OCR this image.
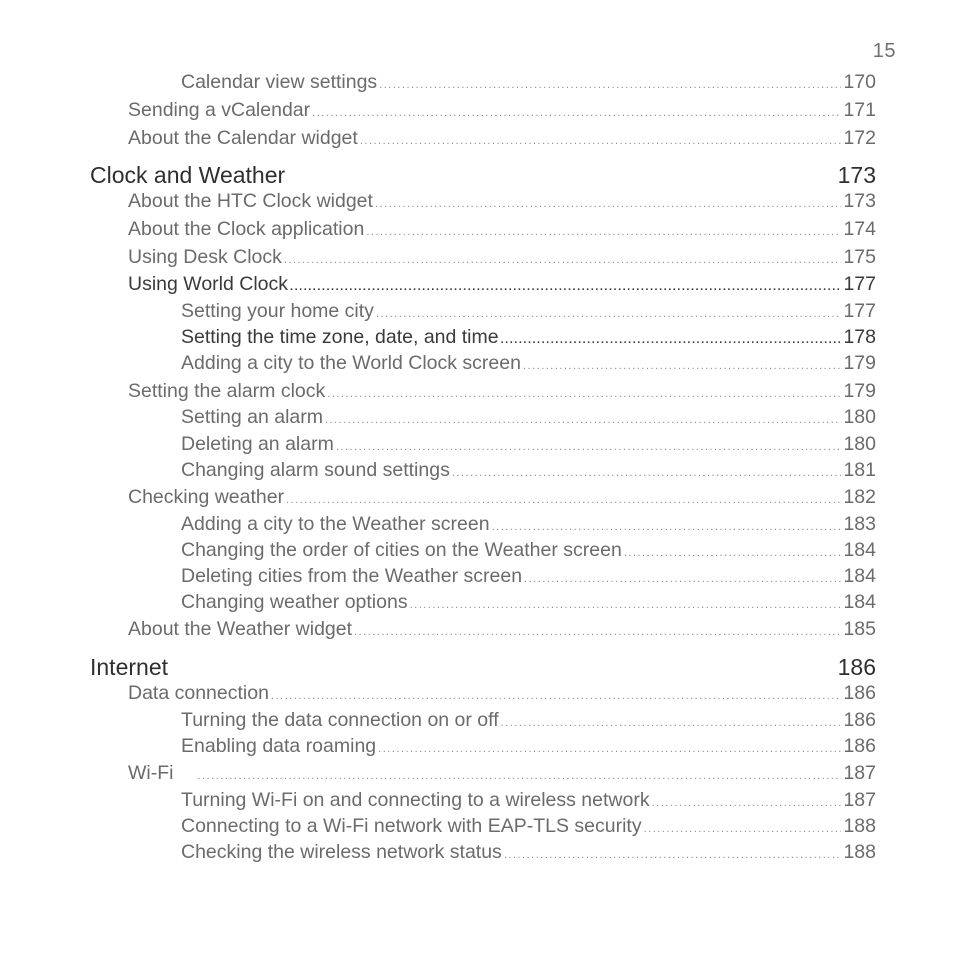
15
Calendar view settings .....	170
Sending a vCalendar .....	171
About the Calendar widget .....	172
Clock and Weather	173
About the HTC Clock widget .....	173
About the Clock application .....	174
Using Desk Clock .....	175
Using World Clock .....	177
Setting your home city .....	177
Setting the time zone, date, and time .....	178
Adding a city to the World Clock screen .....	179
Setting the alarm clock .....	179
Setting an alarm .....	180
Deleting an alarm .....	180
Changing alarm sound settings .....	181
Checking weather .....	182
Adding a city to the Weather screen .....	183
Changing the order of cities on the Weather screen .....	184
Deleting cities from the Weather screen .....	184
Changing weather options .....	184
About the Weather widget .....	185
Internet	186
Data connection .....	186
Turning the data connection on or off .....	186
Enabling data roaming .....	186
Wi-Fi .....	187
Turning Wi-Fi on and connecting to a wireless network .....	187
Connecting to a Wi-Fi network with EAP-TLS security .....	188
Checking the wireless network status .....	188
